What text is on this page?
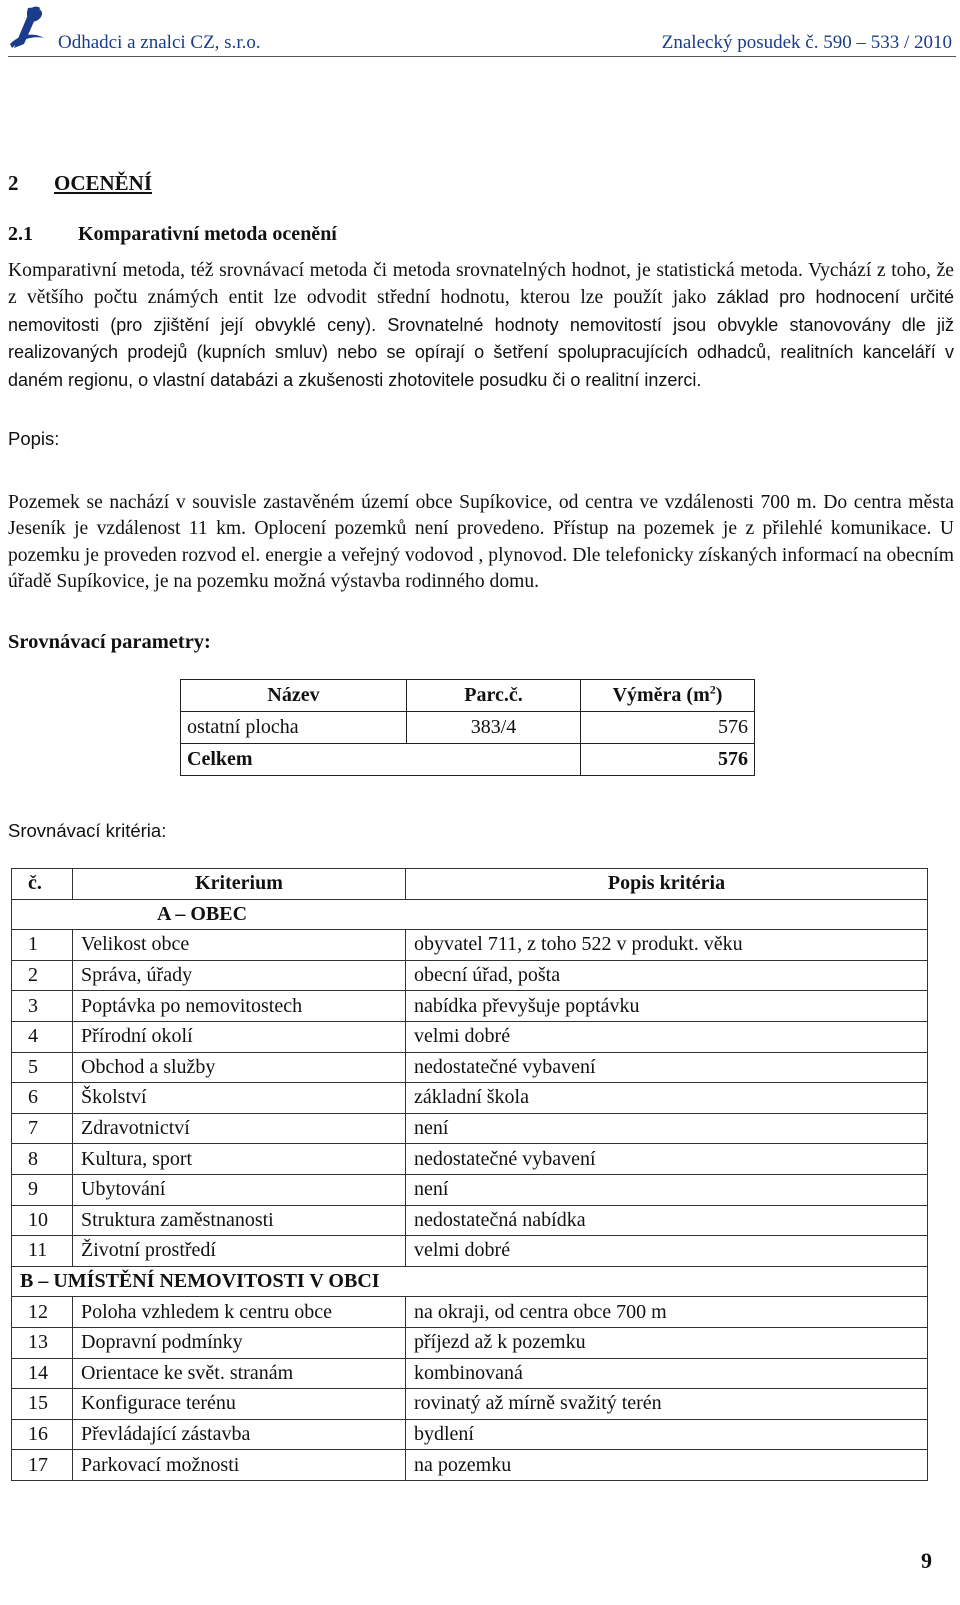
Odhadci a znalci CZ, s.r.o.	Znalecký posudek č. 590 – 533 / 2010
2 OCENĚNÍ
2.1 Komparativní metoda ocenění

Komparativní metoda, též srovnávací metoda či metoda srovnatelných hodnot, je statistická metoda. Vychází z toho, že z většího počtu známých entit lze odvodit střední hodnotu, kterou lze použít jako základ pro hodnocení určité nemovitosti (pro zjištění její obvyklé ceny). Srovnatelné hodnoty nemovitostí jsou obvykle stanovovány dle již realizovaných prodejů (kupních smluv) nebo se opírají o šetření spolupracujících odhadců, realitních kanceláří v daném regionu, o vlastní databázi a zkušenosti zhotovitele posudku či o realitní inzerci.

Popis:

Pozemek se nachází v souvisle zastavěném území obce Supíkovice, od centra ve vzdálenosti 700 m. Do centra města Jeseník je vzdálenost 11 km. Oplocení pozemků není provedeno. Přístup na pozemek je z přilehlé komunikace. U pozemku je proveden rozvod el. energie a veřejný vodovod , plynovod. Dle telefonicky získaných informací na obecním úřadě Supíkovice, je na pozemku možná výstavba rodinného domu.

Srovnávací parametry:
Název	Parc.č.	Výměra $(m^2)$
ostatní plocha	383/4	576
Celkem		576
Srovnávací kritéria:
č.	Kriterium	Popis kritéria
A – OBEC		
1	Velikost obce	obyvatel 711, z toho 522 v produkt. věku
2	Správa, úřady	obecní úřad, pošta
3	Poptávka po nemovitostech	nabídka převyšuje poptávku
4	Přírodní okolí	velmi dobré
5	Obchod a služby	nedostatečné vybavení
6	Školství	základní škola
7	Zdravotnictví	není
8	Kultura, sport	nedostatečné vybavení
9	Ubytování	není
10	Struktura zaměstnanosti	nedostatečná nabídka
11	Životní prostředí	velmi dobré
B – UMÍSTĚNÍ NEMOVITOSTI V OBCI		
12	Poloha vzhledem k centru obce	na okraji, od centra obce 700 m
13	Dopravní podmínky	příjezd až k pozemku
14	Orientace ke svět. stranám	kombinovaná
15	Konfigurace terénu	rovinatý až mírně svažitý terén
16	Převládající zástavba	bydlení
17	Parkovací možnosti	na pozemku
9
